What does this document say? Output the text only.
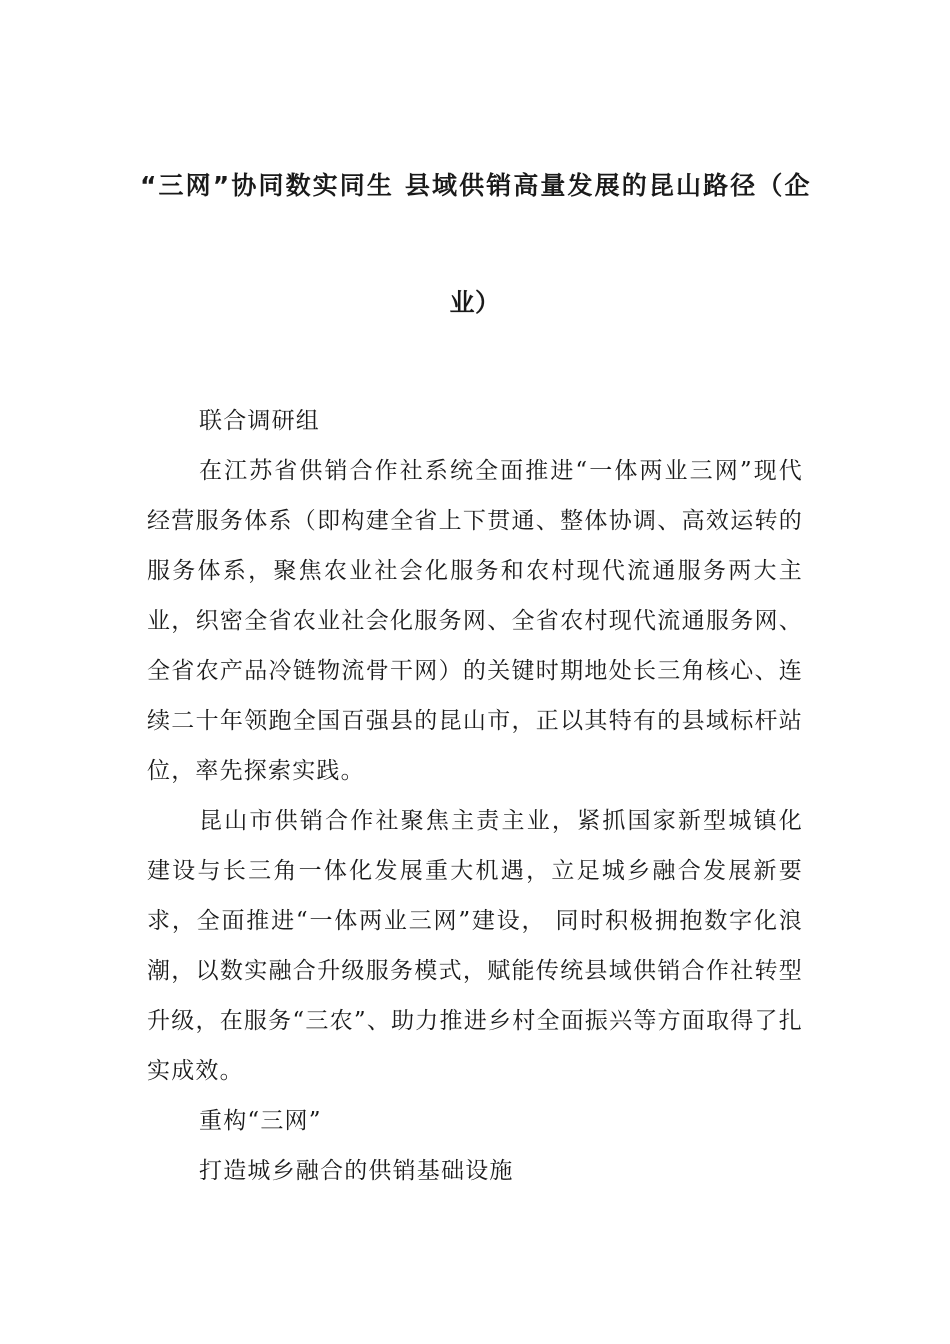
“三网”协同数实同生 县域供销高量发展的昆山路径（企
业）

联合调研组

在江苏省供销合作社系统全面推进“一体两业三网”现代经营服务体系（即构建全省上下贯通、整体协调、高效运转的服务体系，聚焦农业社会化服务和农村现代流通服务两大主业，织密全省农业社会化服务网、全省农村现代流通服务网、全省农产品冷链物流骨干网）的关键时期地处长三角核心、连续二十年领跑全国百强县的昆山市，正以其特有的县域标杆站位，率先探索实践。

昆山市供销合作社聚焦主责主业，紧抓国家新型城镇化建设与长三角一体化发展重大机遇，立足城乡融合发展新要求，全面推进“一体两业三网”建设， 同时积极拥抱数字化浪潮，以数实融合升级服务模式，赋能传统县域供销合作社转型升级，在服务“三农”、助力推进乡村全面振兴等方面取得了扎实成效。

重构“三网”

打造城乡融合的供销基础设施
